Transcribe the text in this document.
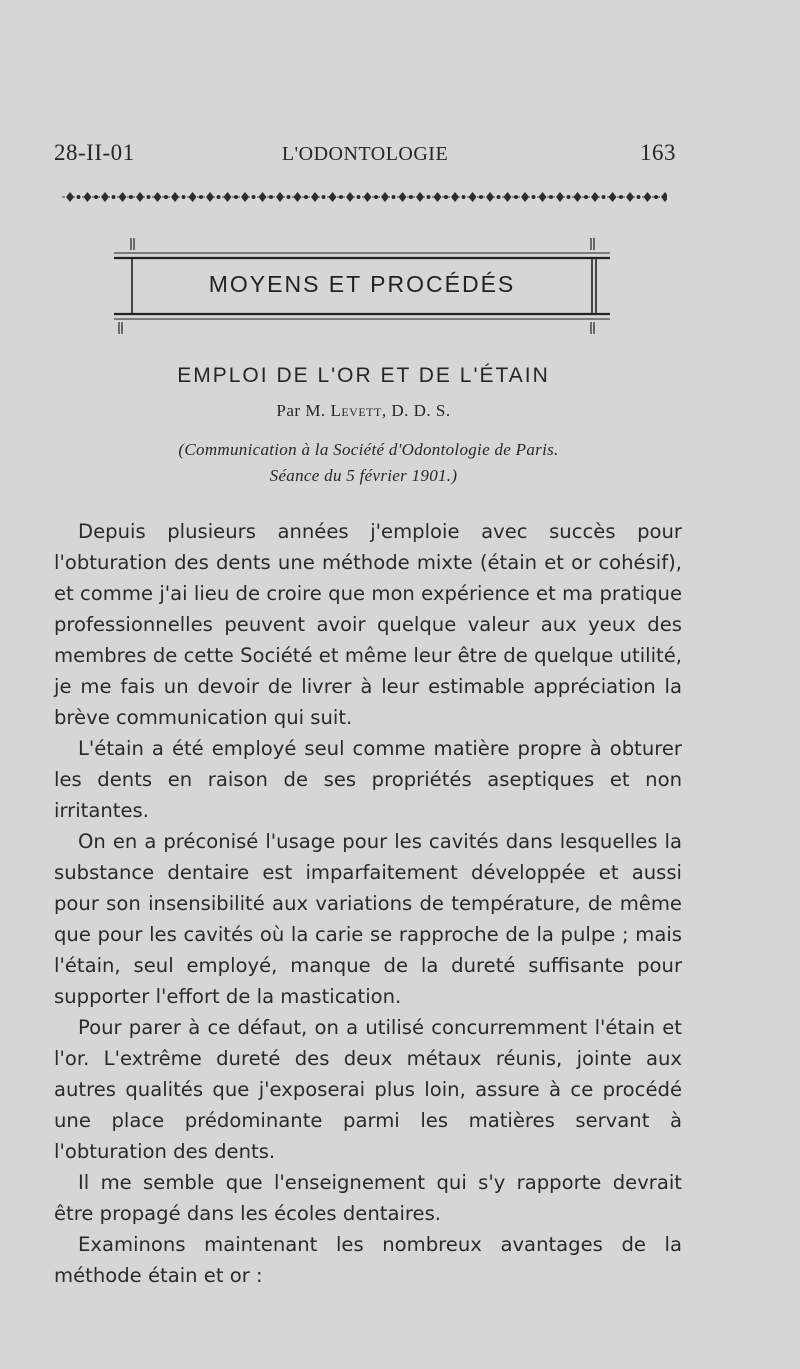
28-II-01	L'ODONTOLOGIE	163
MOYENS ET PROCÉDÉS
EMPLOI DE L'OR ET DE L'ÉTAIN
Par M. Levett, D. D. S.
(Communication à la Société d'Odontologie de Paris.
Séance du 5 février 1901.)

Depuis plusieurs années j'emploie avec succès pour l'obturation des dents une méthode mixte (étain et or cohésif), et comme j'ai lieu de croire que mon expérience et ma pratique professionnelles peuvent avoir quelque valeur aux yeux des membres de cette Société et même leur être de quelque utilité, je me fais un devoir de livrer à leur estimable appréciation la brève communication qui suit.

L'étain a été employé seul comme matière propre à obturer les dents en raison de ses propriétés aseptiques et non irritantes.

On en a préconisé l'usage pour les cavités dans lesquelles la substance dentaire est imparfaitement développée et aussi pour son insensibilité aux variations de température, de même que pour les cavités où la carie se rapproche de la pulpe ; mais l'étain, seul employé, manque de la dureté suffisante pour supporter l'effort de la mastication.

Pour parer à ce défaut, on a utilisé concurremment l'étain et l'or. L'extrême dureté des deux métaux réunis, jointe aux autres qualités que j'exposerai plus loin, assure à ce procédé une place prédominante parmi les matières servant à l'obturation des dents.

Il me semble que l'enseignement qui s'y rapporte devrait être propagé dans les écoles dentaires.

Examinons maintenant les nombreux avantages de la méthode étain et or :
